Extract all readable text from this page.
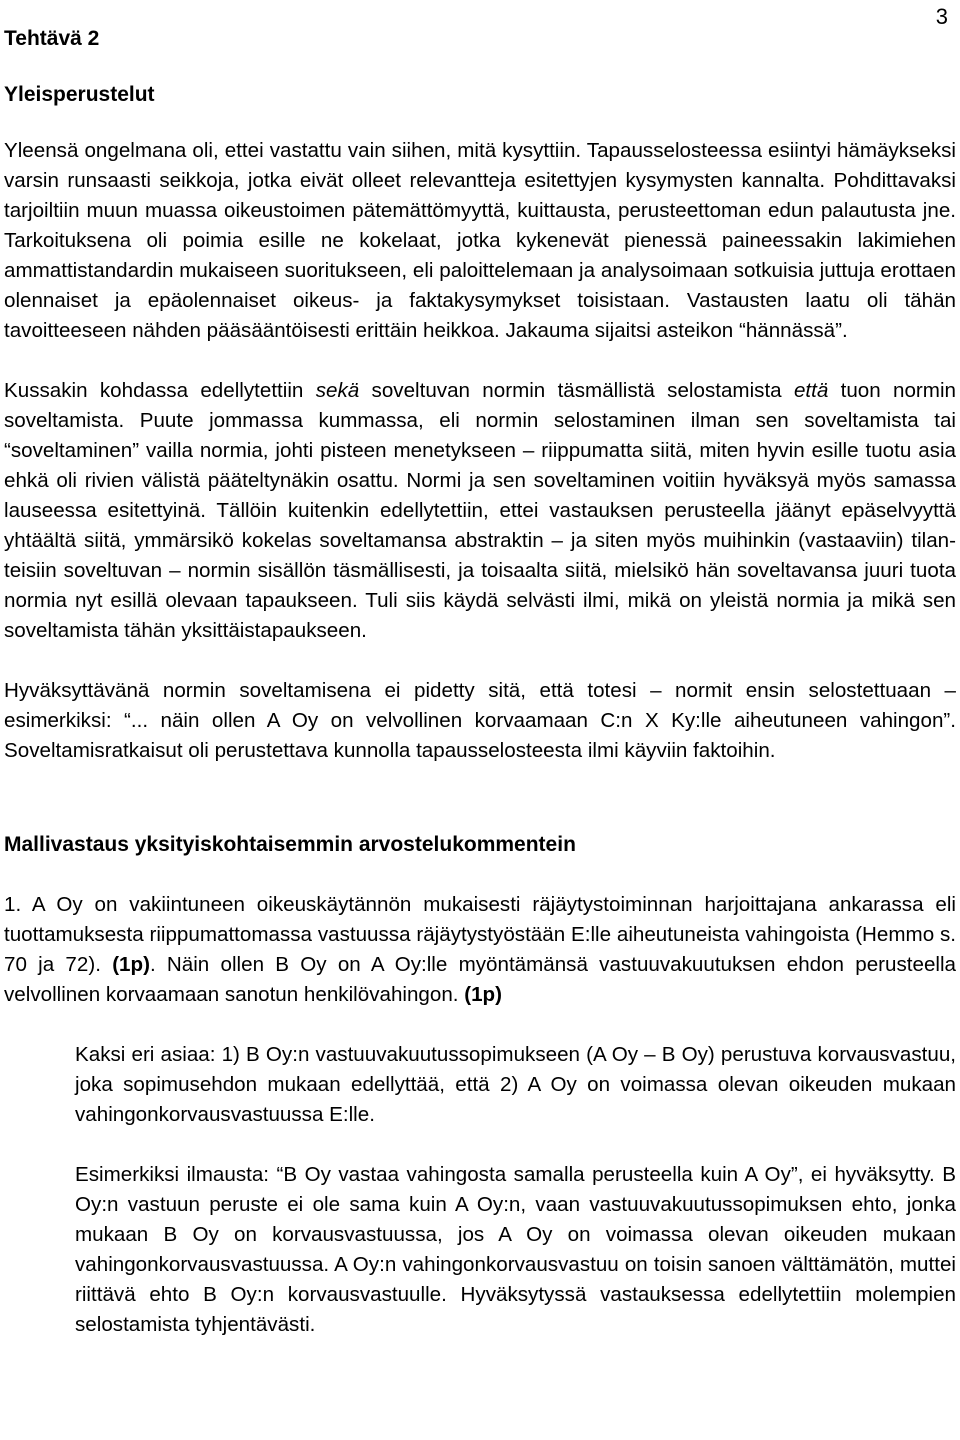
3
Tehtävä 2
Yleisperustelut

Yleensä ongelmana oli, ettei vastattu vain siihen, mitä kysyttiin. Tapausselosteessa esiintyi hämäykseksi varsin runsaasti seikkoja, jotka eivät olleet relevantteja esitettyjen kysymysten kannalta. Pohdittavaksi tarjoiltiin muun muassa oikeustoimen pätemättömyyttä, kuittausta, perusteettoman edun palautusta jne. Tarkoituksena oli poimia esille ne kokelaat, jotka kykenevät pienessä paineessakin lakimiehen ammattistandardin mukaiseen suoritukseen, eli paloittelemaan ja analysoimaan sotkuisia juttuja erottaen olennaiset ja epäolennaiset oikeus- ja faktakysymykset toisistaan. Vastausten laatu oli tähän tavoitteeseen nähden pääsääntöisesti erittäin heikkoa. Jakauma sijaitsi asteikon “hännässä”.

Kussakin kohdassa edellytettiin sekä soveltuvan normin täsmällistä selostamista että tuon normin soveltamista. Puute jommassa kummassa, eli normin selostaminen ilman sen soveltamista tai “soveltaminen” vailla normia, johti pisteen menetykseen – riippumatta siitä, miten hyvin esille tuotu asia ehkä oli rivien välistä pääteltynäkin osattu. Normi ja sen soveltaminen voitiin hyväksyä myös samassa lauseessa esitettyinä. Tällöin kuitenkin edellytettiin, ettei vastauksen perusteella jäänyt epäselvyyttä yhtäältä siitä, ymmärsikö kokelas soveltamansa abstraktin – ja siten myös muihinkin (vastaaviin) tilanteisiin soveltuvan – normin sisällön täsmällisesti, ja toisaalta siitä, mielsikö hän soveltavansa juuri tuota normia nyt esillä olevaan tapaukseen. Tuli siis käydä selvästi ilmi, mikä on yleistä normia ja mikä sen soveltamista tähän yksittäistapaukseen.

Hyväksyttävänä normin soveltamisena ei pidetty sitä, että totesi – normit ensin selostettuaan – esimerkiksi: “... näin ollen A Oy on velvollinen korvaamaan C:n X Ky:lle aiheutuneen vahingon”. Soveltamisratkaisut oli perustettava kunnolla tapausselosteesta ilmi käyviin faktoihin.

Mallivastaus yksityiskohtaisemmin arvostelukommentein

1. A Oy on vakiintuneen oikeuskäytännön mukaisesti räjäytystoiminnan harjoittajana ankarassa eli tuottamuksesta riippumattomassa vastuussa räjäytystyöstään E:lle aiheutuneista vahingoista (Hemmo s. 70 ja 72). (1p). Näin ollen B Oy on A Oy:lle myöntämänsä vastuuvakuutuksen ehdon perusteella velvollinen korvaamaan sanotun henkilövahingon. (1p)

Kaksi eri asiaa: 1) B Oy:n vastuuvakuutussopimukseen (A Oy – B Oy) perustuva korvausvastuu, joka sopimusehdon mukaan edellyttää, että 2) A Oy on voimassa olevan oikeuden mukaan vahingonkorvausvastuussa E:lle.

Esimerkiksi ilmausta: “B Oy vastaa vahingosta samalla perusteella kuin A Oy”, ei hyväksytty. B Oy:n vastuun peruste ei ole sama kuin A Oy:n, vaan vastuuvakuutussopimuksen ehto, jonka mukaan B Oy on korvausvastuussa, jos A Oy on voimassa olevan oikeuden mukaan vahingonkorvausvastuussa. A Oy:n vahingonkorvausvastuu on toisin sanoen välttämätön, muttei riittävä ehto B Oy:n korvausvastuulle. Hyväksytyssä vastauksessa edellytettiin molempien selostamista tyhjentävästi.
